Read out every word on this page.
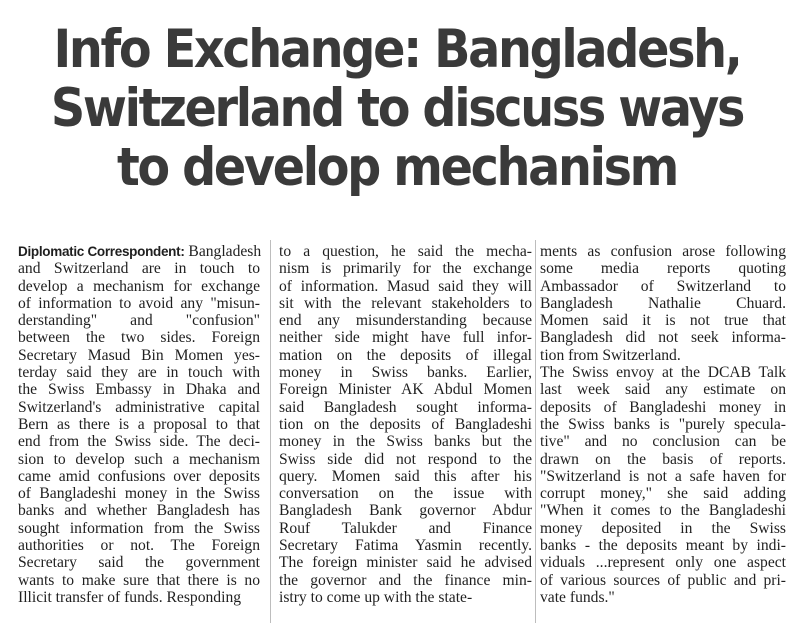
Info Exchange: Bangladesh,
Switzerland to discuss ways
to develop mechanism
Diplomatic Correspondent: Bangladesh
and Switzerland are in touch to
develop a mechanism for exchange
of information to avoid any "misun-
derstanding" and "confusion"
between the two sides. Foreign
Secretary Masud Bin Momen yes-
terday said they are in touch with
the Swiss Embassy in Dhaka and
Switzerland's administrative capital
Bern as there is a proposal to that
end from the Swiss side. The deci-
sion to develop such a mechanism
came amid confusions over deposits
of Bangladeshi money in the Swiss
banks and whether Bangladesh has
sought information from the Swiss
authorities or not. The Foreign
Secretary said the government
wants to make sure that there is no
Illicit transfer of funds. Responding
to a question, he said the mecha-
nism is primarily for the exchange
of information. Masud said they will
sit with the relevant stakeholders to
end any misunderstanding because
neither side might have full infor-
mation on the deposits of illegal
money in Swiss banks. Earlier,
Foreign Minister AK Abdul Momen
said Bangladesh sought informa-
tion on the deposits of Bangladeshi
money in the Swiss banks but the
Swiss side did not respond to the
query. Momen said this after his
conversation on the issue with
Bangladesh Bank governor Abdur
Rouf Talukder and Finance
Secretary Fatima Yasmin recently.
The foreign minister said he advised
the governor and the finance min-
istry to come up with the state-
ments as confusion arose following
some media reports quoting
Ambassador of Switzerland to
Bangladesh Nathalie Chuard.
Momen said it is not true that
Bangladesh did not seek informa-
tion from Switzerland.
The Swiss envoy at the DCAB Talk
last week said any estimate on
deposits of Bangladeshi money in
the Swiss banks is "purely specula-
tive" and no conclusion can be
drawn on the basis of reports.
"Switzerland is not a safe haven for
corrupt money," she said adding
"When it comes to the Bangladeshi
money deposited in the Swiss
banks - the deposits meant by indi-
viduals ...represent only one aspect
of various sources of public and pri-
vate funds."
